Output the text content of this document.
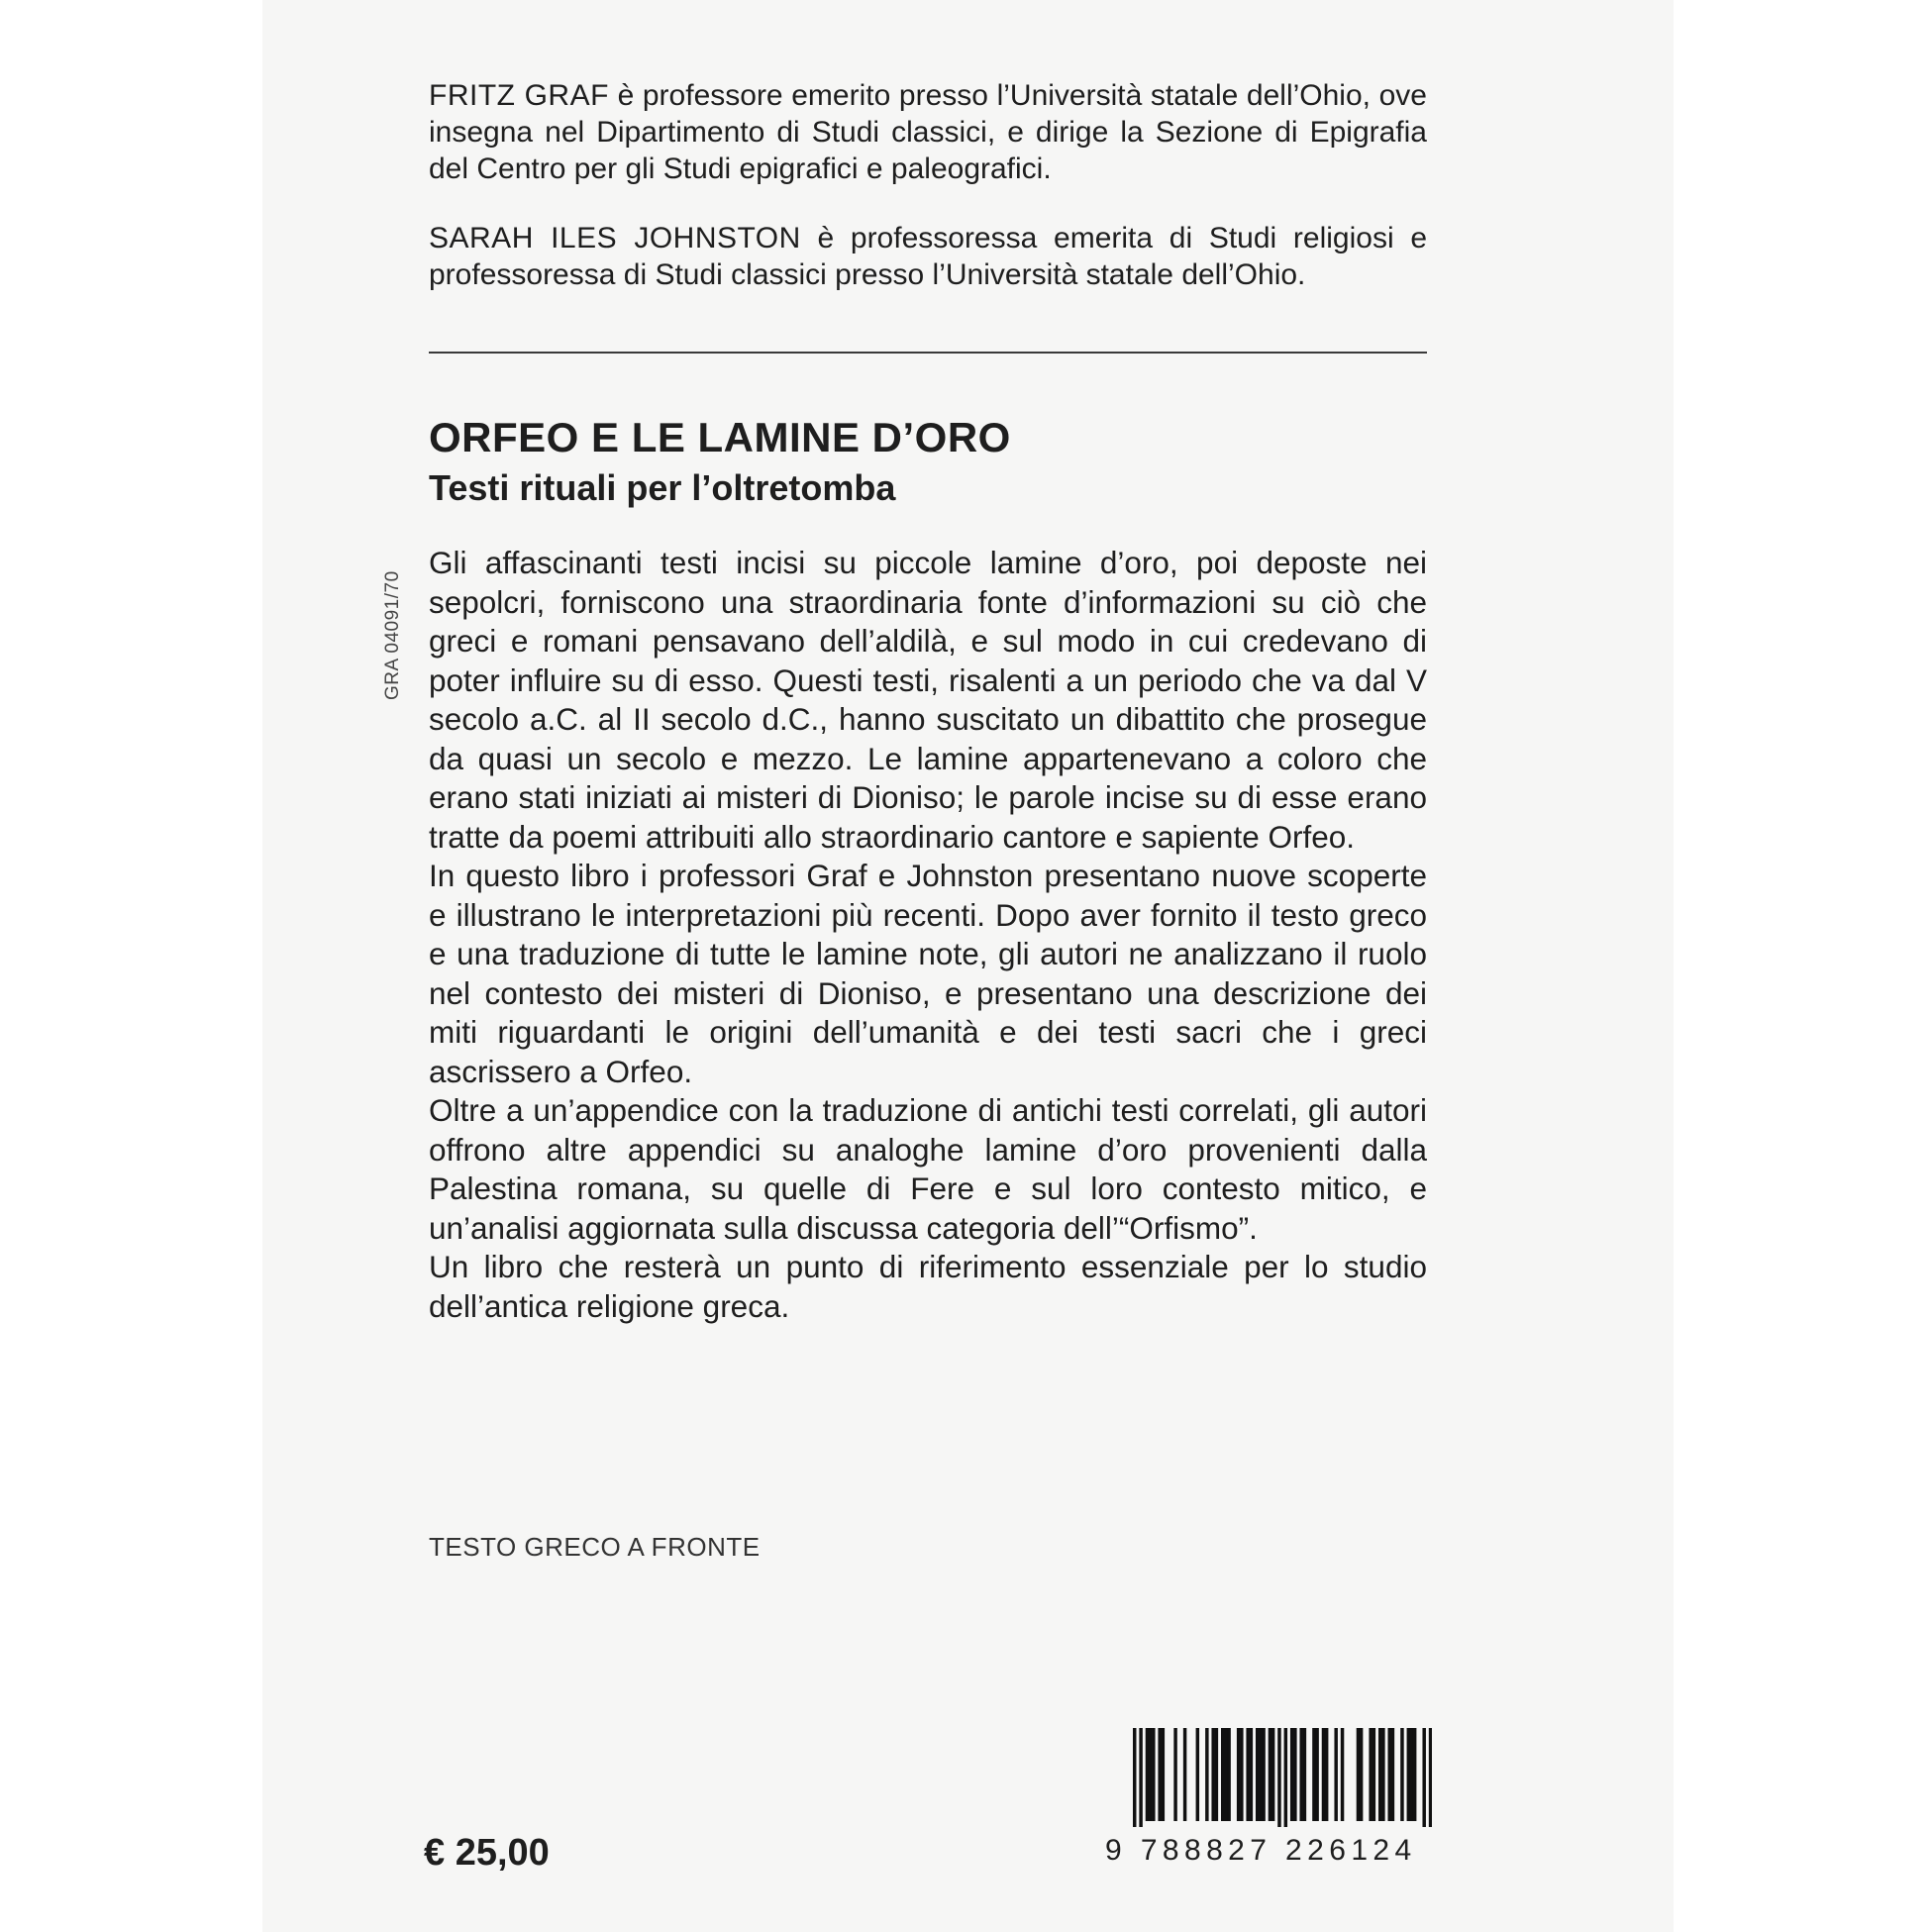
FRITZ GRAF è professore emerito presso l’Università statale dell’Ohio, ove insegna nel Dipartimento di Studi classici, e dirige la Sezione di Epigrafia del Centro per gli Studi epigrafici e paleografici.
SARAH ILES JOHNSTON è professoressa emerita di Studi religiosi e professoressa di Studi classici presso l’Università statale dell’Ohio.
ORFEO E LE LAMINE D’ORO
Testi rituali per l’oltretomba
GRA 04091/70

Gli affascinanti testi incisi su piccole lamine d’oro, poi deposte nei sepolcri, forniscono una straordinaria fonte d’informazioni su ciò che greci e romani pensavano dell’aldilà, e sul modo in cui credevano di poter influire su di esso. Questi testi, risalenti a un periodo che va dal V secolo a.C. al II secolo d.C., hanno suscitato un dibattito che prosegue da quasi un secolo e mezzo. Le lamine appartenevano a coloro che erano stati iniziati ai misteri di Dioniso; le parole incise su di esse erano tratte da poemi attribuiti allo straordinario cantore e sapiente Orfeo.

In questo libro i professori Graf e Johnston presentano nuove scoperte e illustrano le interpretazioni più recenti. Dopo aver fornito il testo greco e una traduzione di tutte le lamine note, gli autori ne analizzano il ruolo nel contesto dei misteri di Dioniso, e presentano una descrizione dei miti riguardanti le origini dell’umanità e dei testi sacri che i greci ascrissero a Orfeo.

Oltre a un’appendice con la traduzione di antichi testi correlati, gli autori offrono altre appendici su analoghe lamine d’oro provenienti dalla Palestina romana, su quelle di Fere e sul loro contesto mitico, e un’analisi aggiornata sulla discussa categoria dell’“Orfismo”.

Un libro che resterà un punto di riferimento essenziale per lo studio dell’antica religione greca.

TESTO GRECO A FRONTE
€ 25,00	9 788827 226124
